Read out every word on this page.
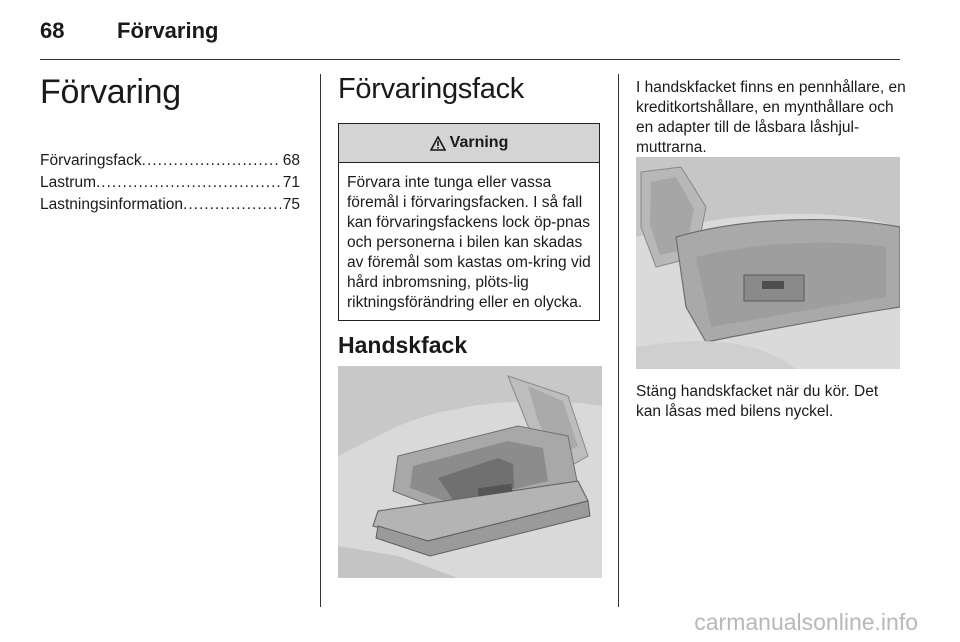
68 Förvaring
Förvaring
Förvaringsfack .....	68
Lastrum .....	71
Lastningsinformation .....	75
Förvaringsfack
Varning
Förvara inte tunga eller vassa föremål i förvaringsfacken. I så fall kan förvaringsfackens lock öp-pnas och personerna i bilen kan skadas av föremål som kastas om-kring vid hård inbromsning, plöts-lig riktningsförändring eller en olycka.
Handskfack
I handskfacket finns en pennhållare, en kreditkortshållare, en mynthållare och en adapter till de låsbara låshjul-muttrarna.
Stäng handskfacket när du kör. Det kan låsas med bilens nyckel.
carmanualsonline.info
